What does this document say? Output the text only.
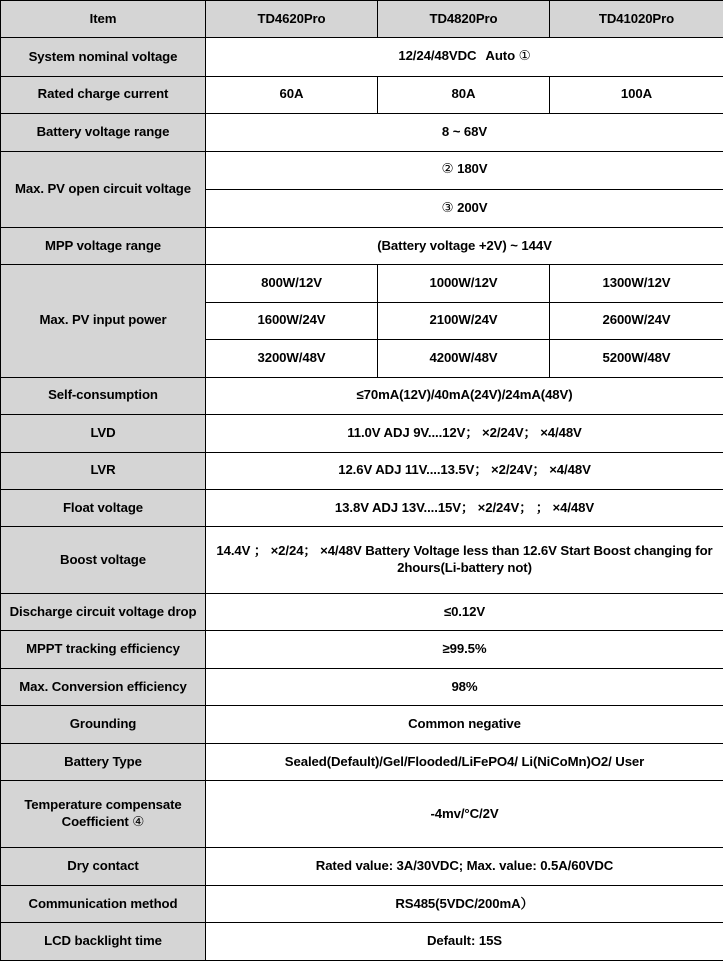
Item	TD4620Pro	TD4820Pro	TD41020Pro
System nominal voltage	12/24/48VDC Auto ①		
Rated charge current	60A	80A	100A
Battery voltage range	8 ~ 68V		
Max. PV open circuit voltage	② 180V		
	③ 200V		
MPP voltage range	(Battery voltage +2V) ~ 144V		
Max. PV input power	800W/12V	1000W/12V	1300W/12V
	1600W/24V	2100W/24V	2600W/24V
	3200W/48V	4200W/48V	5200W/48V
Self-consumption	≤70mA(12V)/40mA(24V)/24mA(48V)		
LVD	11.0V ADJ 9V....12V； ×2/24V； ×4/48V		
LVR	12.6V ADJ 11V....13.5V； ×2/24V； ×4/48V		
Float voltage	13.8V ADJ 13V....15V； ×2/24V； ； ×4/48V		
Boost voltage	14.4V ； ×2/24； ×4/48V Battery Voltage less than 12.6V Start Boost changing for 2hours(Li-battery not)		
Discharge circuit voltage drop	≤0.12V		
MPPT tracking efficiency	≥99.5%		
Max. Conversion efficiency	98%		
Grounding	Common negative		
Battery Type	Sealed(Default)/Gel/Flooded/LiFePO4/ Li(NiCoMn)O2/ User		
Temperature compensate Coefficient ④	-4mv/°C/2V		
Dry contact	Rated value: 3A/30VDC; Max. value: 0.5A/60VDC		
Communication method	RS485(5VDC/200mA）		
LCD backlight time	Default: 15S		
